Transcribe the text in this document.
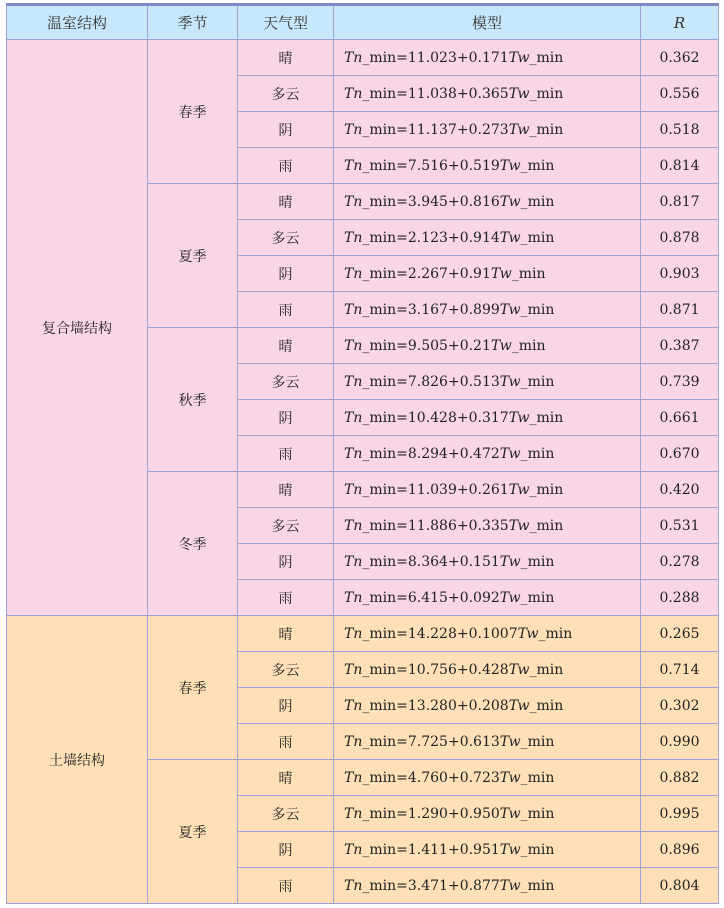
温室结构	季节	天气型	模型	R
复合墙结构	春季	晴	Tn_min=11.023+0.171Tw_min	0.362
		多云	Tn_min=11.038+0.365Tw_min	0.556
		阴	Tn_min=11.137+0.273Tw_min	0.518
		雨	Tn_min=7.516+0.519Tw_min	0.814
	夏季	晴	Tn_min=3.945+0.816Tw_min	0.817
		多云	Tn_min=2.123+0.914Tw_min	0.878
		阴	Tn_min=2.267+0.91Tw_min	0.903
		雨	Tn_min=3.167+0.899Tw_min	0.871
	秋季	晴	Tn_min=9.505+0.21Tw_min	0.387
		多云	Tn_min=7.826+0.513Tw_min	0.739
		阴	Tn_min=10.428+0.317Tw_min	0.661
		雨	Tn_min=8.294+0.472Tw_min	0.670
	冬季	晴	Tn_min=11.039+0.261Tw_min	0.420
		多云	Tn_min=11.886+0.335Tw_min	0.531
		阴	Tn_min=8.364+0.151Tw_min	0.278
		雨	Tn_min=6.415+0.092Tw_min	0.288
土墙结构	春季	晴	Tn_min=14.228+0.1007Tw_min	0.265
		多云	Tn_min=10.756+0.428Tw_min	0.714
		阴	Tn_min=13.280+0.208Tw_min	0.302
		雨	Tn_min=7.725+0.613Tw_min	0.990
	夏季	晴	Tn_min=4.760+0.723Tw_min	0.882
		多云	Tn_min=1.290+0.950Tw_min	0.995
		阴	Tn_min=1.411+0.951Tw_min	0.896
		雨	Tn_min=3.471+0.877Tw_min	0.804
